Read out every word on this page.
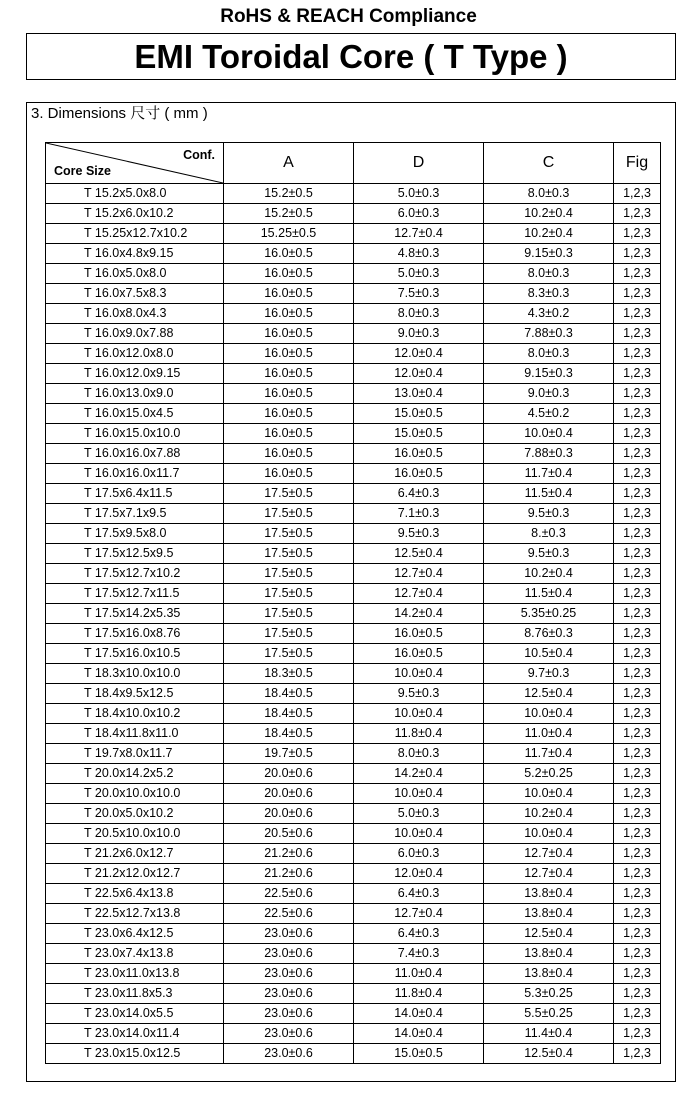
RoHS & REACH Compliance
EMI Toroidal Core ( T Type )
3. Dimensions 尺寸 ( mm )
Conf.
Core Size	A	D	C	Fig
T 15.2x5.0x8.0	15.2±0.5	5.0±0.3	8.0±0.3	1,2,3
T 15.2x6.0x10.2	15.2±0.5	6.0±0.3	10.2±0.4	1,2,3
T 15.25x12.7x10.2	15.25±0.5	12.7±0.4	10.2±0.4	1,2,3
T 16.0x4.8x9.15	16.0±0.5	4.8±0.3	9.15±0.3	1,2,3
T 16.0x5.0x8.0	16.0±0.5	5.0±0.3	8.0±0.3	1,2,3
T 16.0x7.5x8.3	16.0±0.5	7.5±0.3	8.3±0.3	1,2,3
T 16.0x8.0x4.3	16.0±0.5	8.0±0.3	4.3±0.2	1,2,3
T 16.0x9.0x7.88	16.0±0.5	9.0±0.3	7.88±0.3	1,2,3
T 16.0x12.0x8.0	16.0±0.5	12.0±0.4	8.0±0.3	1,2,3
T 16.0x12.0x9.15	16.0±0.5	12.0±0.4	9.15±0.3	1,2,3
T 16.0x13.0x9.0	16.0±0.5	13.0±0.4	9.0±0.3	1,2,3
T 16.0x15.0x4.5	16.0±0.5	15.0±0.5	4.5±0.2	1,2,3
T 16.0x15.0x10.0	16.0±0.5	15.0±0.5	10.0±0.4	1,2,3
T 16.0x16.0x7.88	16.0±0.5	16.0±0.5	7.88±0.3	1,2,3
T 16.0x16.0x11.7	16.0±0.5	16.0±0.5	11.7±0.4	1,2,3
T 17.5x6.4x11.5	17.5±0.5	6.4±0.3	11.5±0.4	1,2,3
T 17.5x7.1x9.5	17.5±0.5	7.1±0.3	9.5±0.3	1,2,3
T 17.5x9.5x8.0	17.5±0.5	9.5±0.3	8.±0.3	1,2,3
T 17.5x12.5x9.5	17.5±0.5	12.5±0.4	9.5±0.3	1,2,3
T 17.5x12.7x10.2	17.5±0.5	12.7±0.4	10.2±0.4	1,2,3
T 17.5x12.7x11.5	17.5±0.5	12.7±0.4	11.5±0.4	1,2,3
T 17.5x14.2x5.35	17.5±0.5	14.2±0.4	5.35±0.25	1,2,3
T 17.5x16.0x8.76	17.5±0.5	16.0±0.5	8.76±0.3	1,2,3
T 17.5x16.0x10.5	17.5±0.5	16.0±0.5	10.5±0.4	1,2,3
T 18.3x10.0x10.0	18.3±0.5	10.0±0.4	9.7±0.3	1,2,3
T 18.4x9.5x12.5	18.4±0.5	9.5±0.3	12.5±0.4	1,2,3
T 18.4x10.0x10.2	18.4±0.5	10.0±0.4	10.0±0.4	1,2,3
T 18.4x11.8x11.0	18.4±0.5	11.8±0.4	11.0±0.4	1,2,3
T 19.7x8.0x11.7	19.7±0.5	8.0±0.3	11.7±0.4	1,2,3
T 20.0x14.2x5.2	20.0±0.6	14.2±0.4	5.2±0.25	1,2,3
T 20.0x10.0x10.0	20.0±0.6	10.0±0.4	10.0±0.4	1,2,3
T 20.0x5.0x10.2	20.0±0.6	5.0±0.3	10.2±0.4	1,2,3
T 20.5x10.0x10.0	20.5±0.6	10.0±0.4	10.0±0.4	1,2,3
T 21.2x6.0x12.7	21.2±0.6	6.0±0.3	12.7±0.4	1,2,3
T 21.2x12.0x12.7	21.2±0.6	12.0±0.4	12.7±0.4	1,2,3
T 22.5x6.4x13.8	22.5±0.6	6.4±0.3	13.8±0.4	1,2,3
T 22.5x12.7x13.8	22.5±0.6	12.7±0.4	13.8±0.4	1,2,3
T 23.0x6.4x12.5	23.0±0.6	6.4±0.3	12.5±0.4	1,2,3
T 23.0x7.4x13.8	23.0±0.6	7.4±0.3	13.8±0.4	1,2,3
T 23.0x11.0x13.8	23.0±0.6	11.0±0.4	13.8±0.4	1,2,3
T 23.0x11.8x5.3	23.0±0.6	11.8±0.4	5.3±0.25	1,2,3
T 23.0x14.0x5.5	23.0±0.6	14.0±0.4	5.5±0.25	1,2,3
T 23.0x14.0x11.4	23.0±0.6	14.0±0.4	11.4±0.4	1,2,3
T 23.0x15.0x12.5	23.0±0.6	15.0±0.5	12.5±0.4	1,2,3
